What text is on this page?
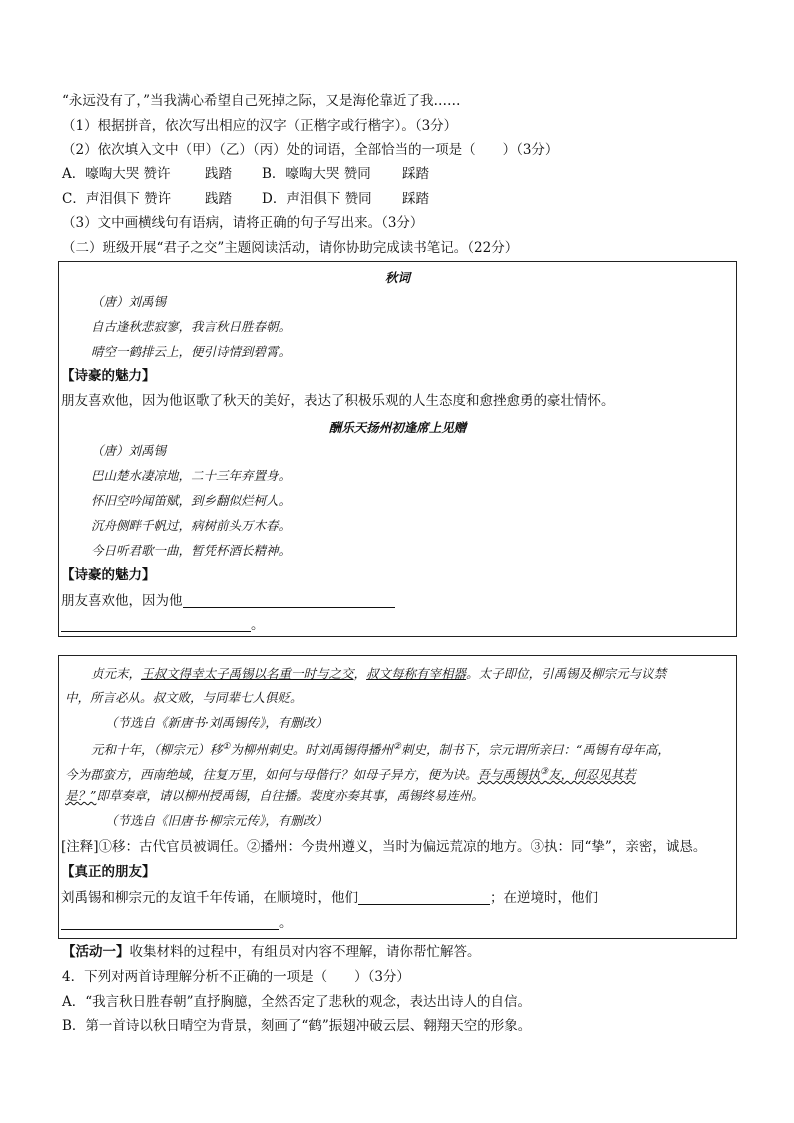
“永远没有了，”当我满心希望自己死掉之际，又是海伦靠近了我……
（1）根据拼音，依次写出相应的汉字（正楷字或行楷字）。（3分）
（2）依次填入文中（甲）（乙）（丙）处的词语，全部恰当的一项是（　　）（3分）
A．嚎啕大哭 赞许	践踏 B．嚎啕大哭 赞同 踩踏
C．声泪俱下 赞许	践踏 D．声泪俱下 赞同 踩踏
（3）文中画横线句有语病，请将正确的句子写出来。（3分）
（二）班级开展“君子之交”主题阅读活动，请你协助完成读书笔记。（22分）
秋词
（唐）刘禹锡
自古逢秋悲寂寥，我言秋日胜春朝。
晴空一鹤排云上，便引诗情到碧霄。
【诗豪的魅力】
朋友喜欢他，因为他讴歌了秋天的美好，表达了积极乐观的人生态度和愈挫愈勇的豪壮情怀。
酬乐天扬州初逢席上见赠
（唐）刘禹锡
巴山楚水凄凉地，二十三年弃置身。
怀旧空吟闻笛赋，到乡翻似烂柯人。
沉舟侧畔千帆过，病树前头万木春。
今日听君歌一曲，暂凭杯酒长精神。
【诗豪的魅力】
朋友喜欢他，因为他
。
贞元末，王叔文得幸太子禹锡以名重一时与之交，叔文每称有宰相器。太子即位，引禹锡及柳宗元与议禁
中，所言必从。叔文败，与同辈七人俱贬。
（节选自《新唐书·刘禹锡传》，有删改）
元和十年，（柳宗元）移①为柳州刺史。时刘禹锡得播州②刺史，制书下，宗元谓所亲曰：“禹锡有母年高，
今为郡蛮方，西南绝域，往复万里，如何与母偕行？如母子异方，便为诀。吾与禹锡执③友，何忍见其若
是？”即草奏章，请以柳州授禹锡，自往播。裴度亦奏其事，禹锡终易连州。
（节选自《旧唐书·柳宗元传》，有删改）
[注释]①移：古代官员被调任。②播州：今贵州遵义，当时为偏远荒凉的地方。③执：同“挚”，亲密，诚恳。
【真正的朋友】
刘禹锡和柳宗元的友谊千年传诵，在顺境时，他们	；在逆境时，他们
。
【活动一】收集材料的过程中，有组员对内容不理解，请你帮忙解答。
4．下列对两首诗理解分析不正确的一项是（　　）（3分）
A．“我言秋日胜春朝”直抒胸臆，全然否定了悲秋的观念，表达出诗人的自信。
B．第一首诗以秋日晴空为背景，刻画了“鹤”振翅冲破云层、翱翔天空的形象。
